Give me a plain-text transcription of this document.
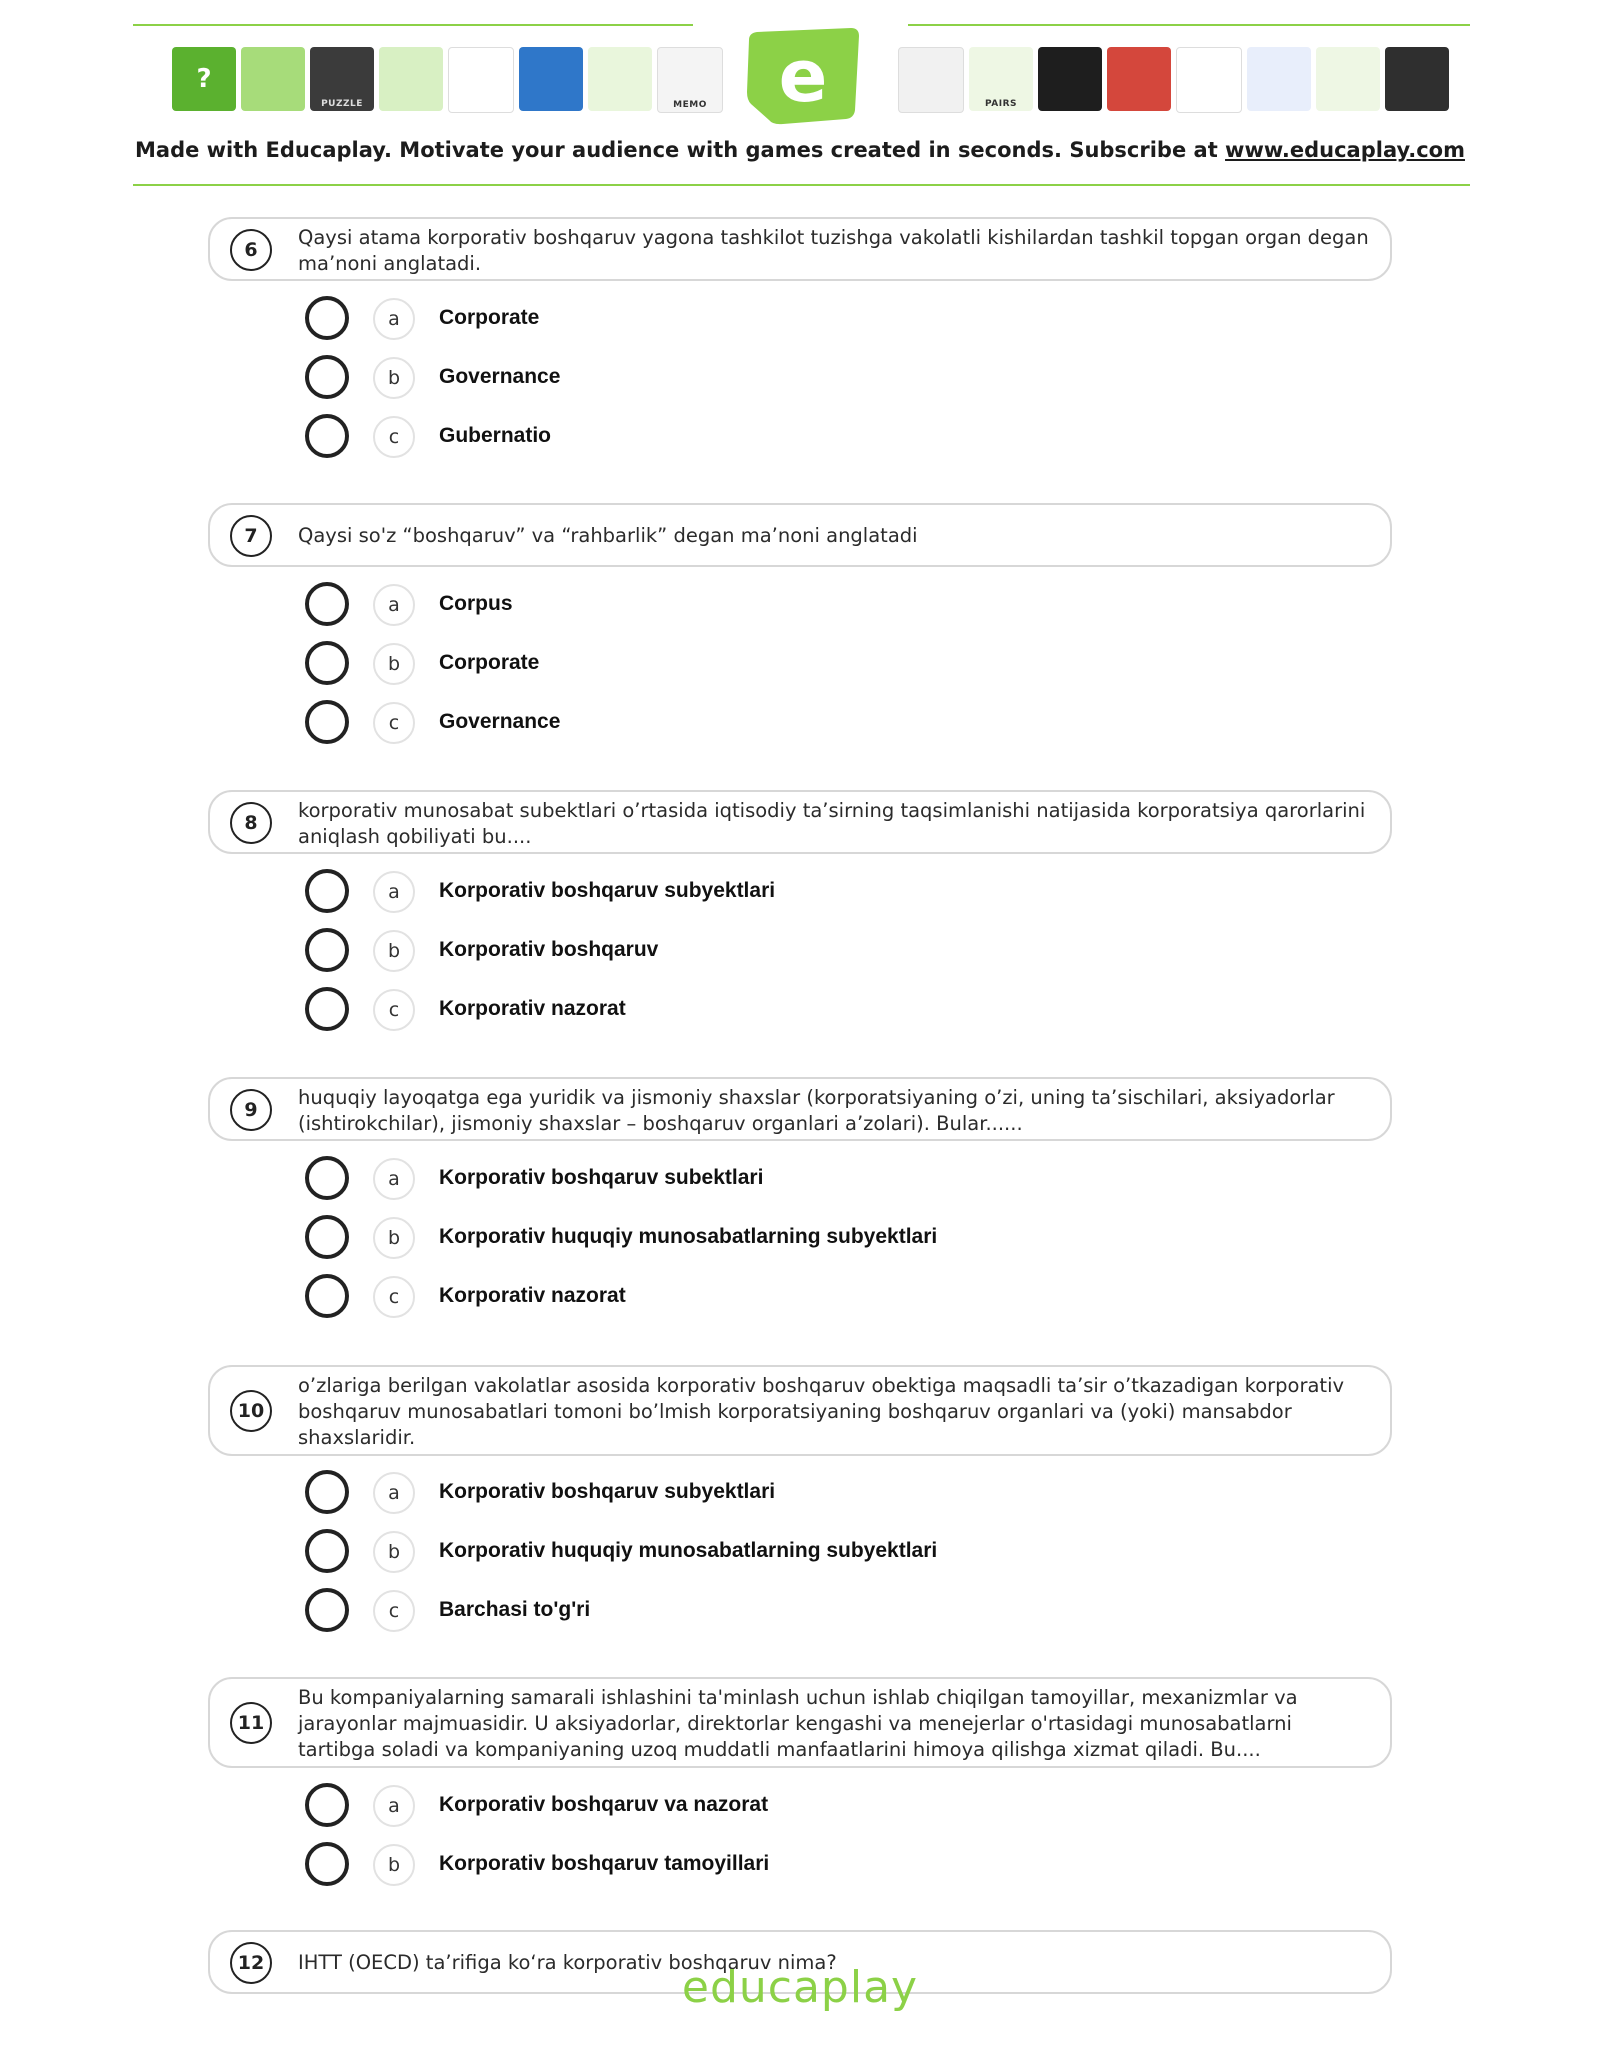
?
PUZZLE	MEMO e	PAIRS
Made with Educaplay. Motivate your audience with games created in seconds. Subscribe at www.educaplay.com
6
Qaysi atama korporativ boshqaruv yagona tashkilot tuzishga vakolatli kishilardan tashkil topgan organ degan ma’noni anglatadi.
a	Corporate
b	Governance
c	Gubernatio
7	Qaysi so'z “boshqaruv” va “rahbarlik” degan ma’noni anglatadi
a	Corpus
b	Corporate
c	Governance
8
korporativ munosabat subektlari o’rtasida iqtisodiy ta’sirning taqsimlanishi natijasida korporatsiya qarorlarini aniqlash qobiliyati bu....
a	Korporativ boshqaruv subyektlari
b	Korporativ boshqaruv
c	Korporativ nazorat
9
huquqiy layoqatga ega yuridik va jismoniy shaxslar (korporatsiyaning o’zi, uning ta’sischilari, aksiyadorlar (ishtirokchilar), jismoniy shaxslar – boshqaruv organlari a’zolari). Bular......
a	Korporativ boshqaruv subektlari
b	Korporativ huquqiy munosabatlarning subyektlari
c	Korporativ nazorat
10
o’zlariga berilgan vakolatlar asosida korporativ boshqaruv obektiga maqsadli ta’sir o’tkazadigan korporativ boshqaruv munosabatlari tomoni bo’lmish korporatsiyaning boshqaruv organlari va (yoki) mansabdor shaxslaridir.
a	Korporativ boshqaruv subyektlari
b	Korporativ huquqiy munosabatlarning subyektlari
c	Barchasi to'g'ri
11
Bu kompaniyalarning samarali ishlashini ta'minlash uchun ishlab chiqilgan tamoyillar, mexanizmlar va jarayonlar majmuasidir. U aksiyadorlar, direktorlar kengashi va menejerlar o'rtasidagi munosabatlarni tartibga soladi va kompaniyaning uzoq muddatli manfaatlarini himoya qilishga xizmat qiladi. Bu....
a	Korporativ boshqaruv va nazorat
b	Korporativ boshqaruv tamoyillari
12	IHTT (OECD) ta’rifiga ko‘ra korporativ boshqaruv nima?
educaplay
